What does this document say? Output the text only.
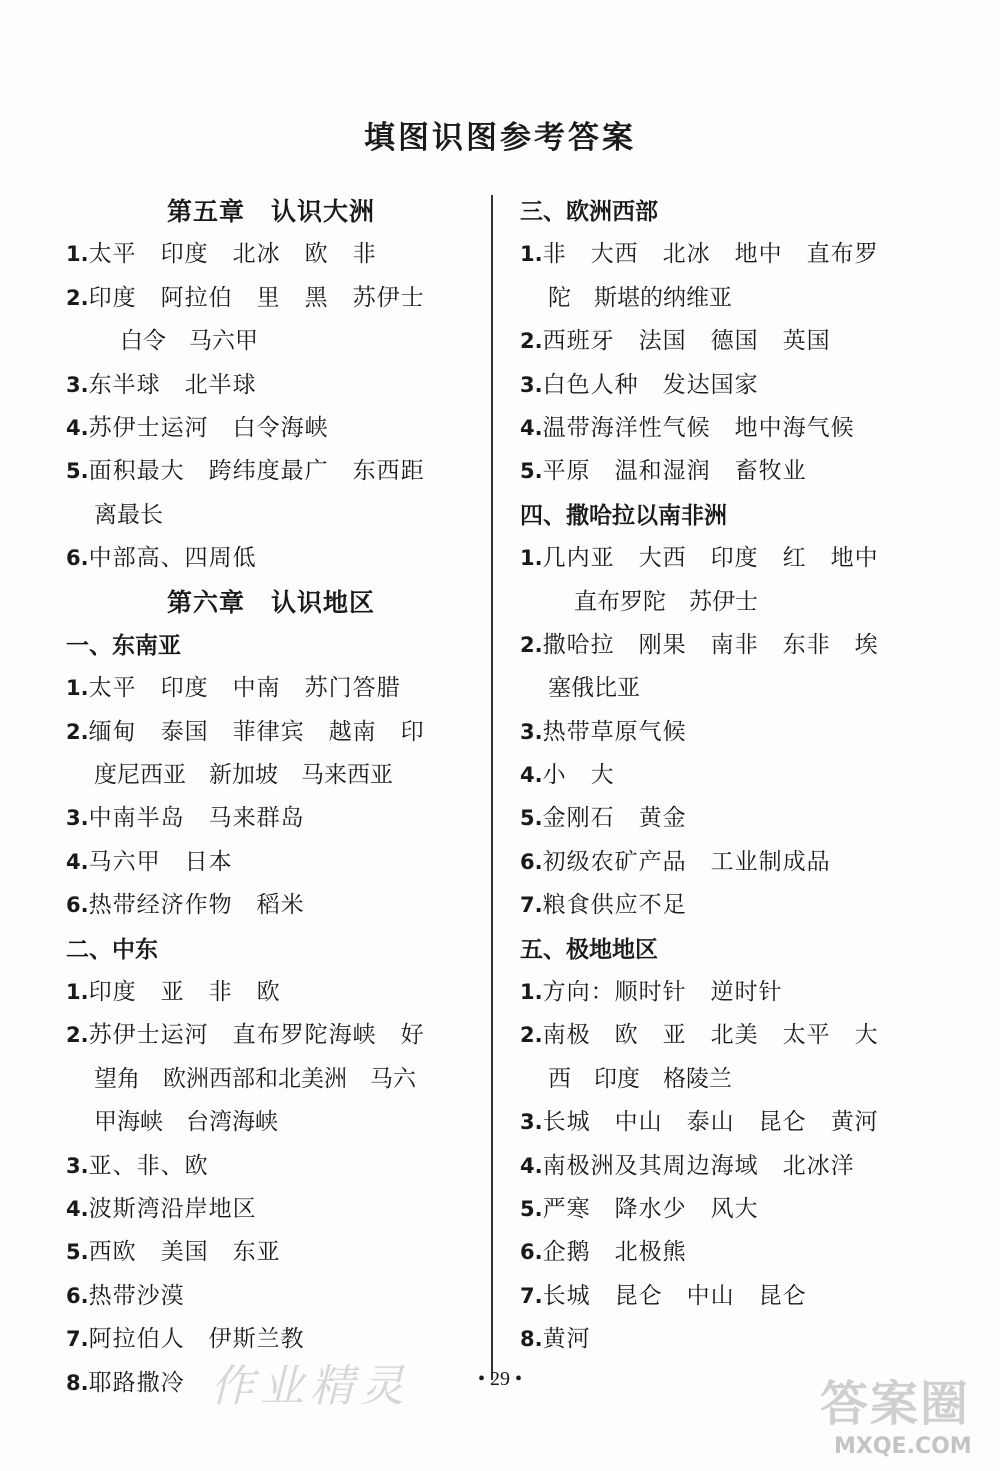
填图识图参考答案
第五章　认识大洲
1.太平　印度　北冰　欧　非
2.印度　阿拉伯　里　黑　苏伊士
白令　马六甲
3.东半球　北半球
4.苏伊士运河　白令海峡
5.面积最大　跨纬度最广　东西距
离最长
6.中部高、四周低
第六章　认识地区
一、东南亚
1.太平　印度　中南　苏门答腊
2.缅甸　泰国　菲律宾　越南　印
度尼西亚　新加坡　马来西亚
3.中南半岛　马来群岛
4.马六甲　日本
6.热带经济作物　稻米
二、中东
1.印度　亚　非　欧
2.苏伊士运河　直布罗陀海峡　好
望角　欧洲西部和北美洲　马六
甲海峡　台湾海峡
3.亚、非、欧
4.波斯湾沿岸地区
5.西欧　美国　东亚
6.热带沙漠
7.阿拉伯人　伊斯兰教
8.耶路撒冷
三、欧洲西部
1.非　大西　北冰　地中　直布罗
陀　斯堪的纳维亚
2.西班牙　法国　德国　英国
3.白色人种　发达国家
4.温带海洋性气候　地中海气候
5.平原　温和湿润　畜牧业
四、撒哈拉以南非洲
1.几内亚　大西　印度　红　地中
直布罗陀　苏伊士
2.撒哈拉　刚果　南非　东非　埃
塞俄比亚
3.热带草原气候
4.小　大
5.金刚石　黄金
6.初级农矿产品　工业制成品
7.粮食供应不足
五、极地地区
1.方向：顺时针　逆时针
2.南极　欧　亚　北美　太平　大
西　印度　格陵兰
3.长城　中山　泰山　昆仑　黄河
4.南极洲及其周边海域　北冰洋
5.严寒　降水少　风大
6.企鹅　北极熊
7.长城　昆仑　中山　昆仑
8.黄河
作业精灵	• 29 •	答案圈
MXQE.COM
